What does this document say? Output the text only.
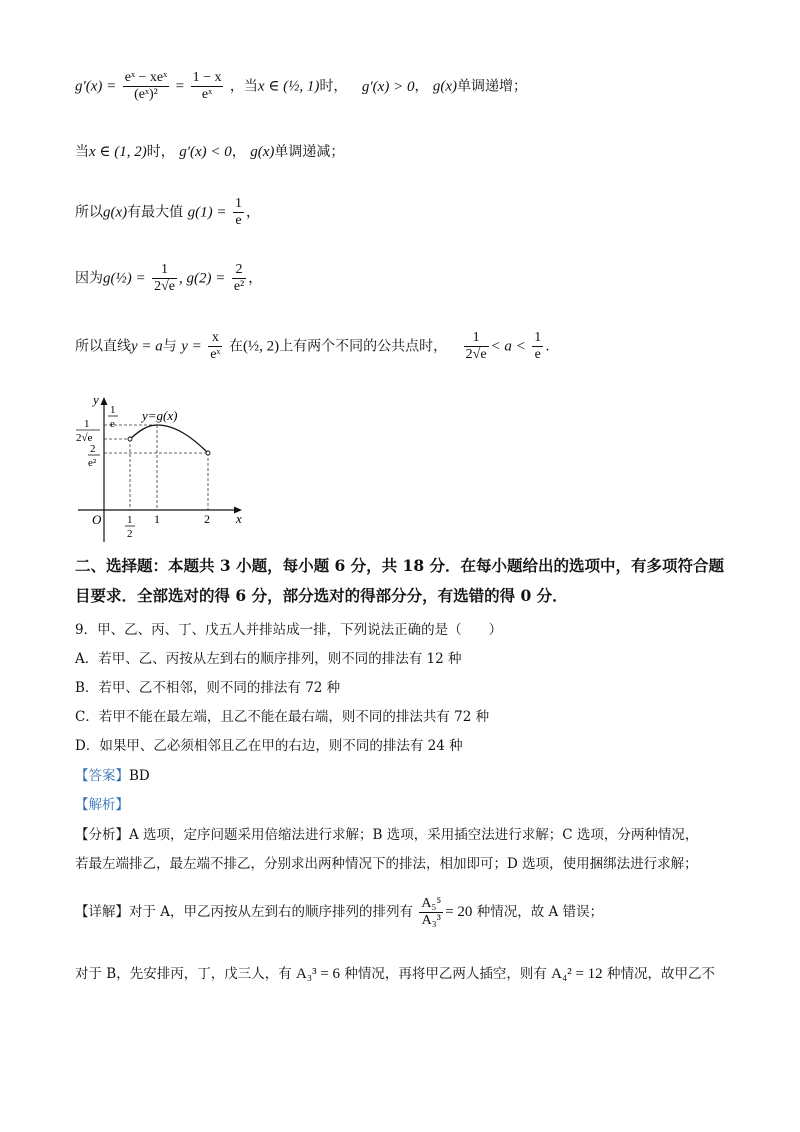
$g'(x) = \frac{\text{eˣ − xeˣ}}{\text{(eˣ)²}} = \frac{1 - x}{\text{eˣ}}$ ，当x ∈ (½, 1)时， g′(x) > 0， g(x)单调递增；
当x ∈ (1, 2)时， g′(x) < 0， g(x)单调递减；
所以g(x)有最大值 $g(1) = \frac{1}{e}$ ，
因为g(½) = $\frac{1}{2√e}$ , $g(2) = \frac{2}{\text{e²}}$ ，
所以直线y = a与 $y = \frac{x}{\text{eˣ}}$ 在(½, 2)上有两个不同的公共点时， $\frac{1}{2√e} < a < \frac{1}{e}$ .
y
x
O
y=g(x)
1
e
1
2√e
2
e²
1
2
1	2
二、选择题：本题共 3 小题，每小题 6 分，共 18 分．在每小题给出的选项中，有多项符合题
目要求．全部选对的得 6 分，部分选对的得部分分，有选错的得 0 分．
9．甲、乙、丙、丁、戊五人并排站成一排，下列说法正确的是（　　）
A．若甲、乙、丙按从左到右的顺序排列，则不同的排法有 12 种
B．若甲、乙不相邻，则不同的排法有 72 种
C．若甲不能在最左端，且乙不能在最右端，则不同的排法共有 72 种
D．如果甲、乙必须相邻且乙在甲的右边，则不同的排法有 24 种
【答案】BD
【解析】
【分析】A 选项，定序问题采用倍缩法进行求解；B 选项，采用插空法进行求解；C 选项，分两种情况，
若最左端排乙，最左端不排乙，分别求出两种情况下的排法，相加即可；D 选项，使用捆绑法进行求解；
【详解】对于 A，甲乙丙按从左到右的顺序排列的排列有 $\frac{\text{A₅⁵}}{\text{A₃³}} = 20$ 种情况，故 A 错误；
对于 B，先安排丙，丁，戊三人，有 A₃³ = 6 种情况，再将甲乙两人插空，则有 A₄² = 12 种情况，故甲乙不
